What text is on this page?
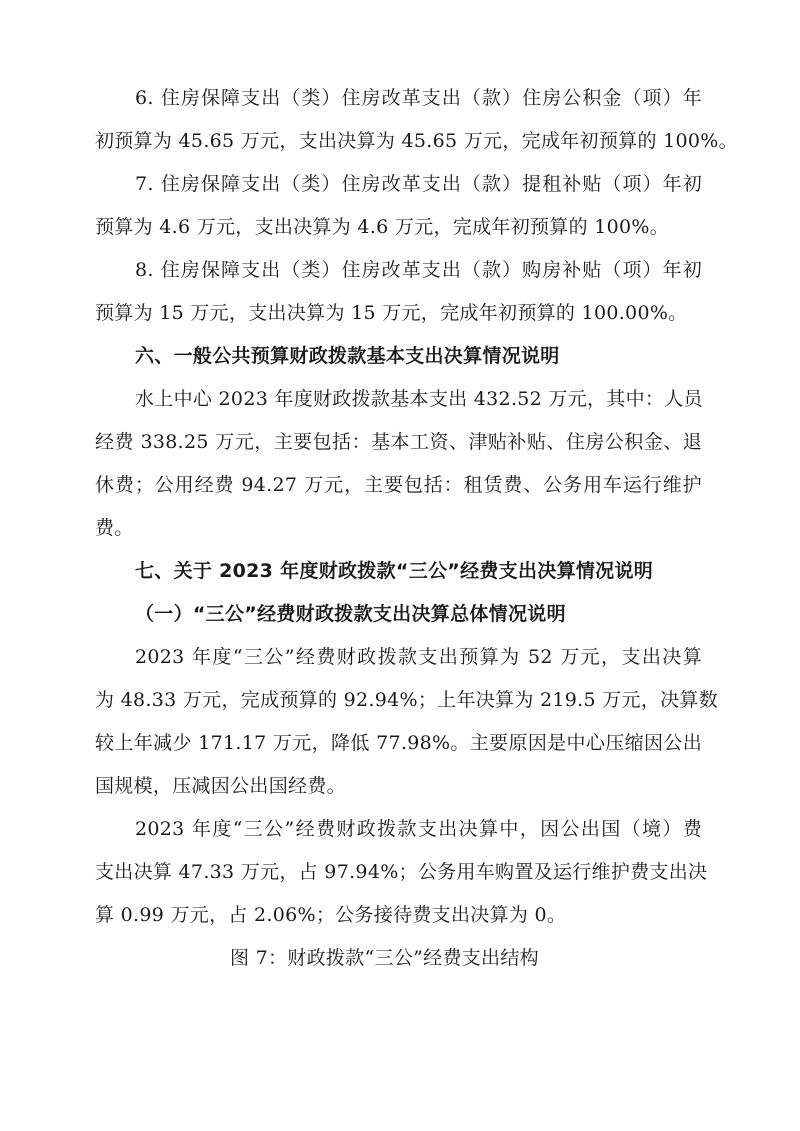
6. 住房保障支出（类）住房改革支出（款）住房公积金（项）年
初预算为 45.65 万元，支出决算为 45.65 万元，完成年初预算的 100%。
7. 住房保障支出（类）住房改革支出（款）提租补贴（项）年初
预算为 4.6 万元，支出决算为 4.6 万元，完成年初预算的 100%。
8. 住房保障支出（类）住房改革支出（款）购房补贴（项）年初
预算为 15 万元，支出决算为 15 万元，完成年初预算的 100.00%。
六、一般公共预算财政拨款基本支出决算情况说明
水上中心 2023 年度财政拨款基本支出 432.52 万元，其中：人员
经费 338.25 万元，主要包括：基本工资、津贴补贴、住房公积金、退
休费；公用经费 94.27 万元，主要包括：租赁费、公务用车运行维护
费。
七、关于 2023 年度财政拨款“三公”经费支出决算情况说明
（一）“三公”经费财政拨款支出决算总体情况说明
2023 年度“三公”经费财政拨款支出预算为 52 万元，支出决算
为 48.33 万元，完成预算的 92.94%；上年决算为 219.5 万元，决算数
较上年减少 171.17 万元，降低 77.98%。主要原因是中心压缩因公出
国规模，压减因公出国经费。
2023 年度“三公”经费财政拨款支出决算中，因公出国（境）费
支出决算 47.33 万元，占 97.94%；公务用车购置及运行维护费支出决
算 0.99 万元，占 2.06%；公务接待费支出决算为 0。
图 7：财政拨款“三公”经费支出结构
